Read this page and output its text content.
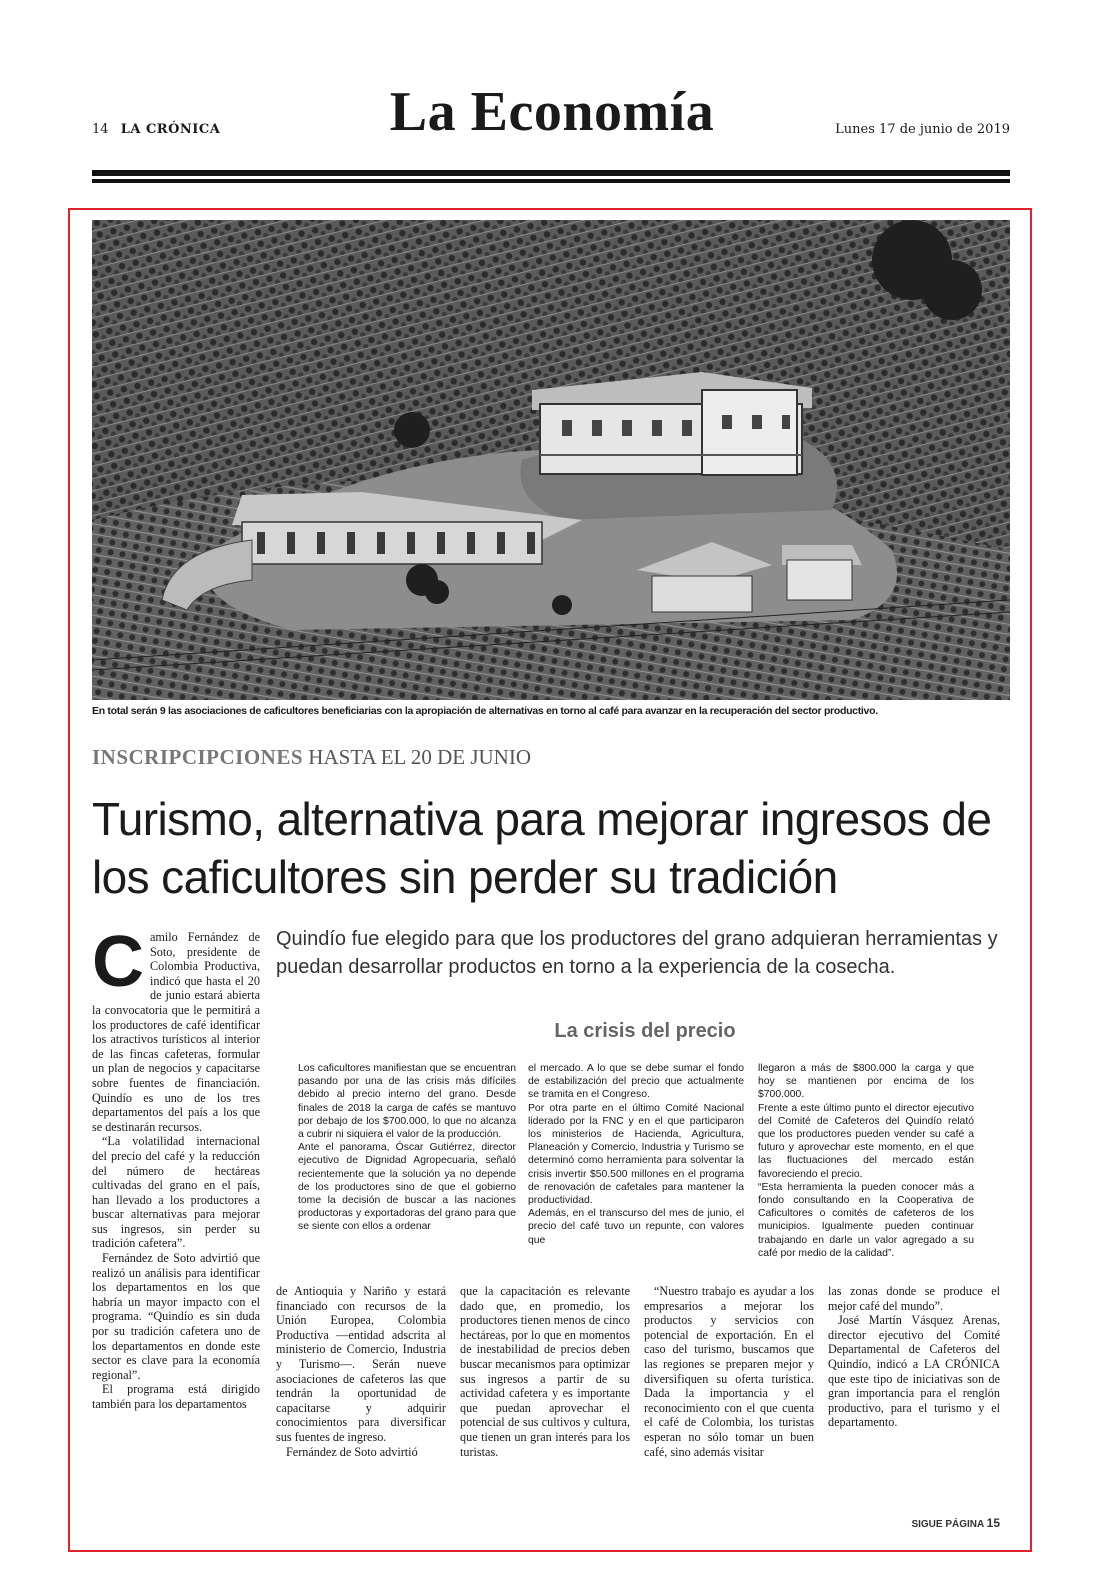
14 LA CRÓNICA	La Economía	Lunes 17 de junio de 2019
En total serán 9 las asociaciones de caficultores beneficiarias con la apropiación de alternativas en torno al café para avanzar en la recuperación del sector productivo.
INSCRIPCIPCIONES HASTA EL 20 DE JUNIO
Turismo, alternativa para mejorar ingresos de los caficultores sin perder su tradición
Quindío fue elegido para que los productores del grano adquieran herramientas y puedan desarrollar productos en torno a la experiencia de la cosecha.

Camilo Fernández de Soto, presidente de Colombia Productiva, indicó que hasta el 20 de junio estará abierta la convocatoria que le permitirá a los productores de café identificar los atractivos turísticos al interior de las fincas cafeteras, formular un plan de negocios y capacitarse sobre fuentes de financiación. Quindío es uno de los tres departamentos del país a los que se destinarán recursos.

“La volatilidad internacional del precio del café y la reducción del número de hectáreas cultivadas del grano en el país, han llevado a los productores a buscar alternativas para mejorar sus ingresos, sin perder su tradición cafetera”.

Fernández de Soto advirtió que realizó un análisis para identificar los departamentos en los que habría un mayor impacto con el programa. “Quindío es sin duda por su tradición cafetera uno de los departamentos en donde este sector es clave para la economía regional”.

El programa está dirigido también para los departamentos

La crisis del precio

Los caficultores manifiestan que se encuentran pasando por una de las crisis más difíciles debido al precio interno del grano. Desde finales de 2018 la carga de cafés se mantuvo por debajo de los $700.000, lo que no alcanza a cubrir ni siquiera el valor de la producción.

Ante el panorama, Óscar Gutiérrez, director ejecutivo de Dignidad Agropecuaria, señaló recientemente que la solución ya no depende de los productores sino de que el gobierno tome la decisión de buscar a las naciones productoras y exportadoras del grano para que se siente con ellos a ordenar

el mercado. A lo que se debe sumar el fondo de estabilización del precio que actualmente se tramita en el Congreso.

Por otra parte en el último Comité Nacional liderado por la FNC y en el que participaron los ministerios de Hacienda, Agricultura, Planeación y Comercio, Industria y Turismo se determinó como herramienta para solventar la crisis invertir $50.500 millones en el programa de renovación de cafetales para mantener la productividad.

Además, en el transcurso del mes de junio, el precio del café tuvo un repunte, con valores que

llegaron a más de $800.000 la carga y que hoy se mantienen por encima de los $700.000.

Frente a este último punto el director ejecutivo del Comité de Cafeteros del Quindío relató que los productores pueden vender su café a futuro y aprovechar este momento, en el que las fluctuaciones del mercado están favoreciendo el precio.

“Esta herramienta la pueden conocer más a fondo consultando en la Cooperativa de Caficultores o comités de cafeteros de los municipios. Igualmente pueden continuar trabajando en darle un valor agregado a su café por medio de la calidad”.

de Antioquia y Nariño y estará financiado con recursos de la Unión Europea, Colombia Productiva —entidad adscrita al ministerio de Comercio, Industria y Turismo—. Serán nueve asociaciones de cafeteros las que tendrán la oportunidad de capacitarse y adquirir conocimientos para diversificar sus fuentes de ingreso.

Fernández de Soto advirtió

que la capacitación es relevante dado que, en promedio, los productores tienen menos de cinco hectáreas, por lo que en momentos de inestabilidad de precios deben buscar mecanismos para optimizar sus ingresos a partir de su actividad cafetera y es importante que puedan aprovechar el potencial de sus cultivos y cultura, que tienen un gran interés para los turistas.

“Nuestro trabajo es ayudar a los empresarios a mejorar los productos y servicios con potencial de exportación. En el caso del turismo, buscamos que las regiones se preparen mejor y diversifiquen su oferta turística. Dada la importancia y el reconocimiento con el que cuenta el café de Colombia, los turistas esperan no sólo tomar un buen café, sino además visitar

las zonas donde se produce el mejor café del mundo”.

José Martín Vásquez Arenas, director ejecutivo del Comité Departamental de Cafeteros del Quindío, indicó a LA CRÓNICA que este tipo de iniciativas son de gran importancia para el renglón productivo, para el turismo y el departamento.

SIGUE PÁGINA 15
